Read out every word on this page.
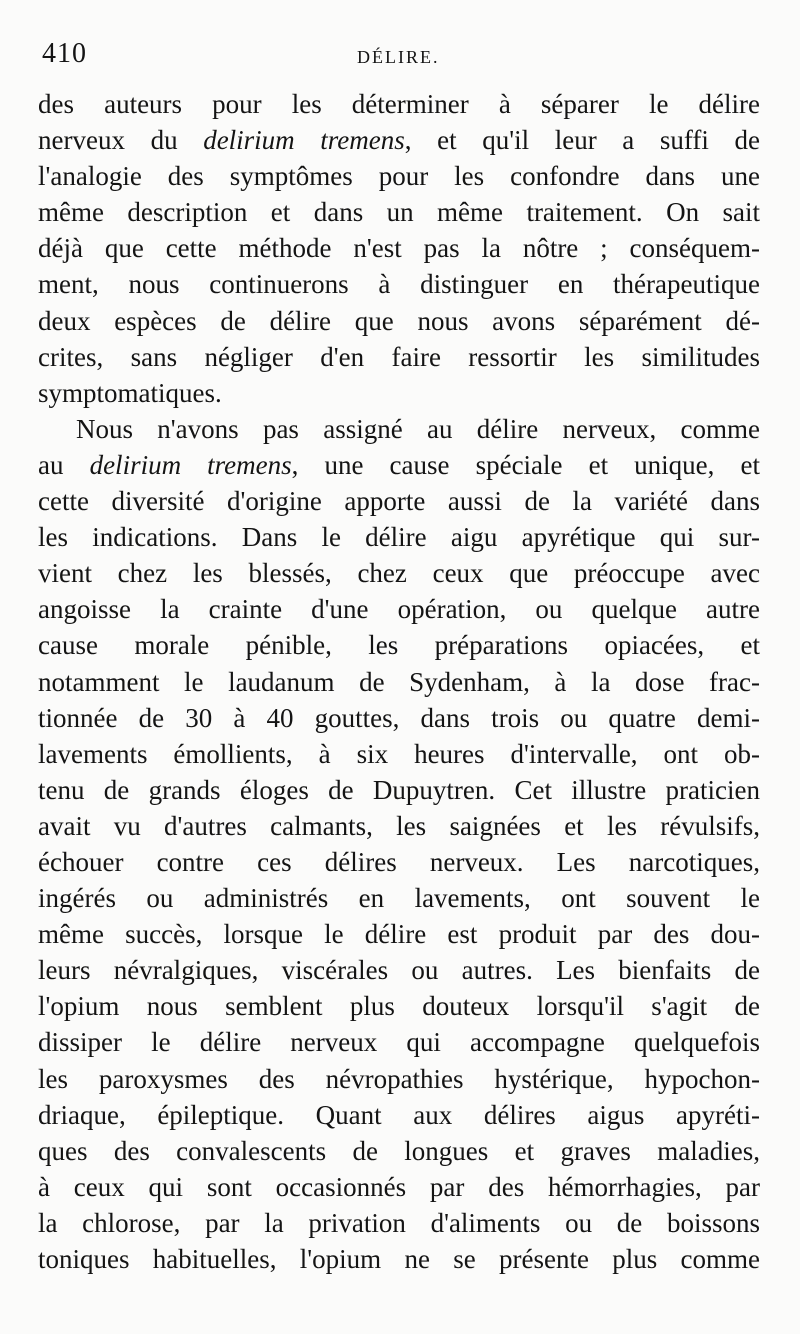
410	DÉLIRE.
des auteurs pour les déterminer à séparer le délire
nerveux du delirium tremens, et qu'il leur a suffi de
l'analogie des symptômes pour les confondre dans une
même description et dans un même traitement. On sait
déjà que cette méthode n'est pas la nôtre ; conséquem-
ment, nous continuerons à distinguer en thérapeutique
deux espèces de délire que nous avons séparément dé-
crites, sans négliger d'en faire ressortir les similitudes
symptomatiques.
Nous n'avons pas assigné au délire nerveux, comme
au delirium tremens, une cause spéciale et unique, et
cette diversité d'origine apporte aussi de la variété dans
les indications. Dans le délire aigu apyrétique qui sur-
vient chez les blessés, chez ceux que préoccupe avec
angoisse la crainte d'une opération, ou quelque autre
cause morale pénible, les préparations opiacées, et
notamment le laudanum de Sydenham, à la dose frac-
tionnée de 30 à 40 gouttes, dans trois ou quatre demi-
lavements émollients, à six heures d'intervalle, ont ob-
tenu de grands éloges de Dupuytren. Cet illustre praticien
avait vu d'autres calmants, les saignées et les révulsifs,
échouer contre ces délires nerveux. Les narcotiques,
ingérés ou administrés en lavements, ont souvent le
même succès, lorsque le délire est produit par des dou-
leurs névralgiques, viscérales ou autres. Les bienfaits de
l'opium nous semblent plus douteux lorsqu'il s'agit de
dissiper le délire nerveux qui accompagne quelquefois
les paroxysmes des névropathies hystérique, hypochon-
driaque, épileptique. Quant aux délires aigus apyréti-
ques des convalescents de longues et graves maladies,
à ceux qui sont occasionnés par des hémorrhagies, par
la chlorose, par la privation d'aliments ou de boissons
toniques habituelles, l'opium ne se présente plus comme
